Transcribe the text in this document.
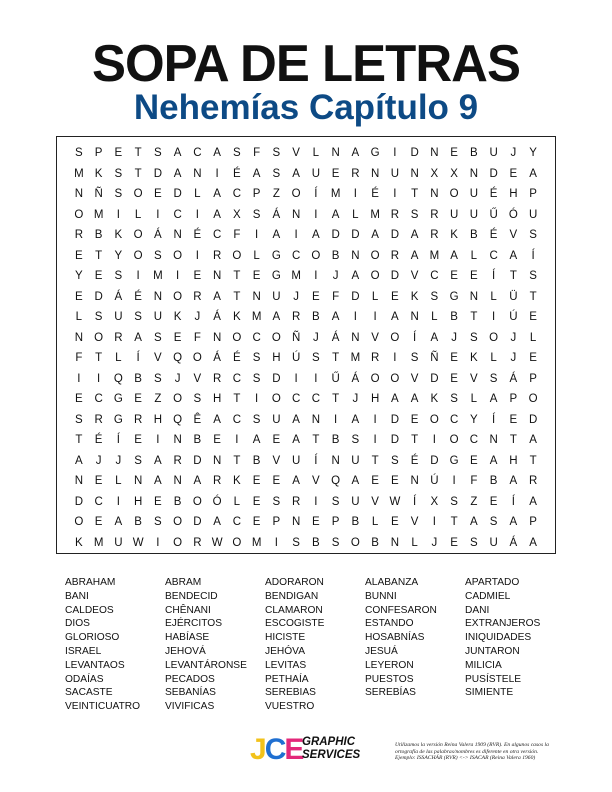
SOPA DE LETRAS
Nehemías Capítulo 9
S	P	E	T	S	A	C	A	S	F	S	V	L	N	A G	I	D N	E	B	U	J	Y
M K	S	T	D	A	N	I	É	A	S	A	U	E	R N U N	X	X	N D	E	A
N Ñ	S O E	D	L	A	C	P	Z	O	Í	M	I	É	I	T	N O U	É	H	P
O M	I	L	I	C	I	A	X	S	Á	N	I	A	L	M R	S	R U U Ű Ó U
R	B	K O Á	N	É	C	F	I	A	I	A	D D	A	D	A	R	K	B	É	V	S
E	T	Y O S O	I	R O	L	G C O B	N O R	A M A	L	C	A	Í
Y	E	S	I	M	I	E	N	T	E G M	I	J	A O D	V	C	E	E	Í	T	S
E	D	Á	É	N O R	A	T	N U	J	E	F	D	L	E	K	S G N	L	Ü	T
L	S	U	S	U	K	J	Á	K M A	R	B	A	I	I	A	N	L	B	T	I	Ú	E
N O R	A	S	E	F	N O C O Ñ	J	Á	N	V O	Í	A	J	S O	J	L
F	T	L	Í	V Q O Á	É	S	H Ú	S	T M R	I	S	Ñ	E	K	L	J	E
I	I	Q B	S	J	V	R C	S	D	I	I	Ű	Á O O V	D	E	V	S	Á	P
E	C G E	Z	O S	H	T	I	O C C	T	J	H	A	A	K	S	L	A	P O
S	R G R H Q Ê	A	C	S	U	A	N	I	A	I	D	E O C	Y	Í	E	D
T	É	Í	E	I	N	B	E	I	A	E	A	T	B	S	I	D	T	I	O C N	T	A
A	J	J	S	A	R D N	T	B	V	U	Í	N U	T	S	É	D G E	A	H	T
N	E	L	N	A	N	A	R	K	E	E	A	V Q A	E	E	N Ú	I	F	B	A	R
D C	I	H	E	B O Ó	L	E	S	R	I	S	U	V W	Í	X	S	Z	E	Í	A
O E	A	B	S O D	A	C	E	P	N	E	P	B	L	E	V	I	T	A	S	A	P
K M U W	I	O R W O M	I	S	B	S O B	N	L	J	E	S	U	Á	A
ABRAHAM
BANI
CALDEOS
DIOS
GLORIOSO
ISRAEL
LEVANTAOS
ODAÍAS
SACASTE
VEINTICUATRO
ABRAM
BENDECID
CHÊNANI
EJÉRCITOS
HABÍASE
JEHOVÁ
LEVANTÁRONSE
PECADOS
SEBANÍAS
VIVIFICAS
ADORARON
BENDIGAN
CLAMARON
ESCOGISTE
HICISTE
JEHÓVA
LEVITAS
PETHAÍA
SEREBIAS
VUESTRO
ALABANZA
BUNNI
CONFESARON
ESTANDO
HOSABNÍAS
JESUÁ
LEYERON
PUESTOS
SEREBÍAS
APARTADO
CADMIEL
DANI
EXTRANJEROS
INIQUIDADES
JUNTARON
MILICIA
PUSÍSTELE
SIMIENTE
JCE GRAPHIC
SERVICES
Utilizamos la versión Reina Valera 1909 (RVR). En algunos casos la ortografía de las palabras/nombres es diferente en otra versión. Ejemplo: ISSACHÁR (RVR) <-> ISACAR (Reina Valera 1960)
